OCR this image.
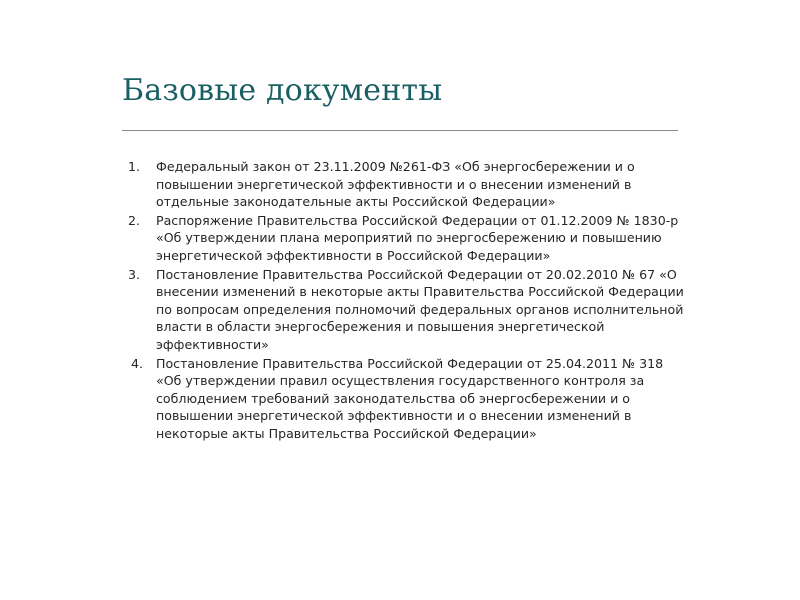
Базовые документы
1.	Федеральный закон от 23.11.2009 №261-ФЗ «Об энергосбережении и о повышении энергетической эффективности и о внесении изменений в отдельные законодательные акты Российской Федерации»
2.	Распоряжение Правительства Российской Федерации от 01.12.2009 № 1830-р «Об утверждении плана мероприятий по энергосбережению и повышению энергетической эффективности в Российской Федерации»
3.	Постановление Правительства Российской Федерации от 20.02.2010 № 67 «О внесении изменений в некоторые акты Правительства Российской Федерации по вопросам определения полномочий федеральных органов исполнительной власти в области энергосбережения и повышения энергетической эффективности»
4.	Постановление Правительства Российской Федерации от 25.04.2011 № 318 «Об утверждении правил осуществления государственного контроля за соблюдением требований законодательства об энергосбережении и о повышении энергетической эффективности и о внесении изменений в некоторые акты Правительства Российской Федерации»
